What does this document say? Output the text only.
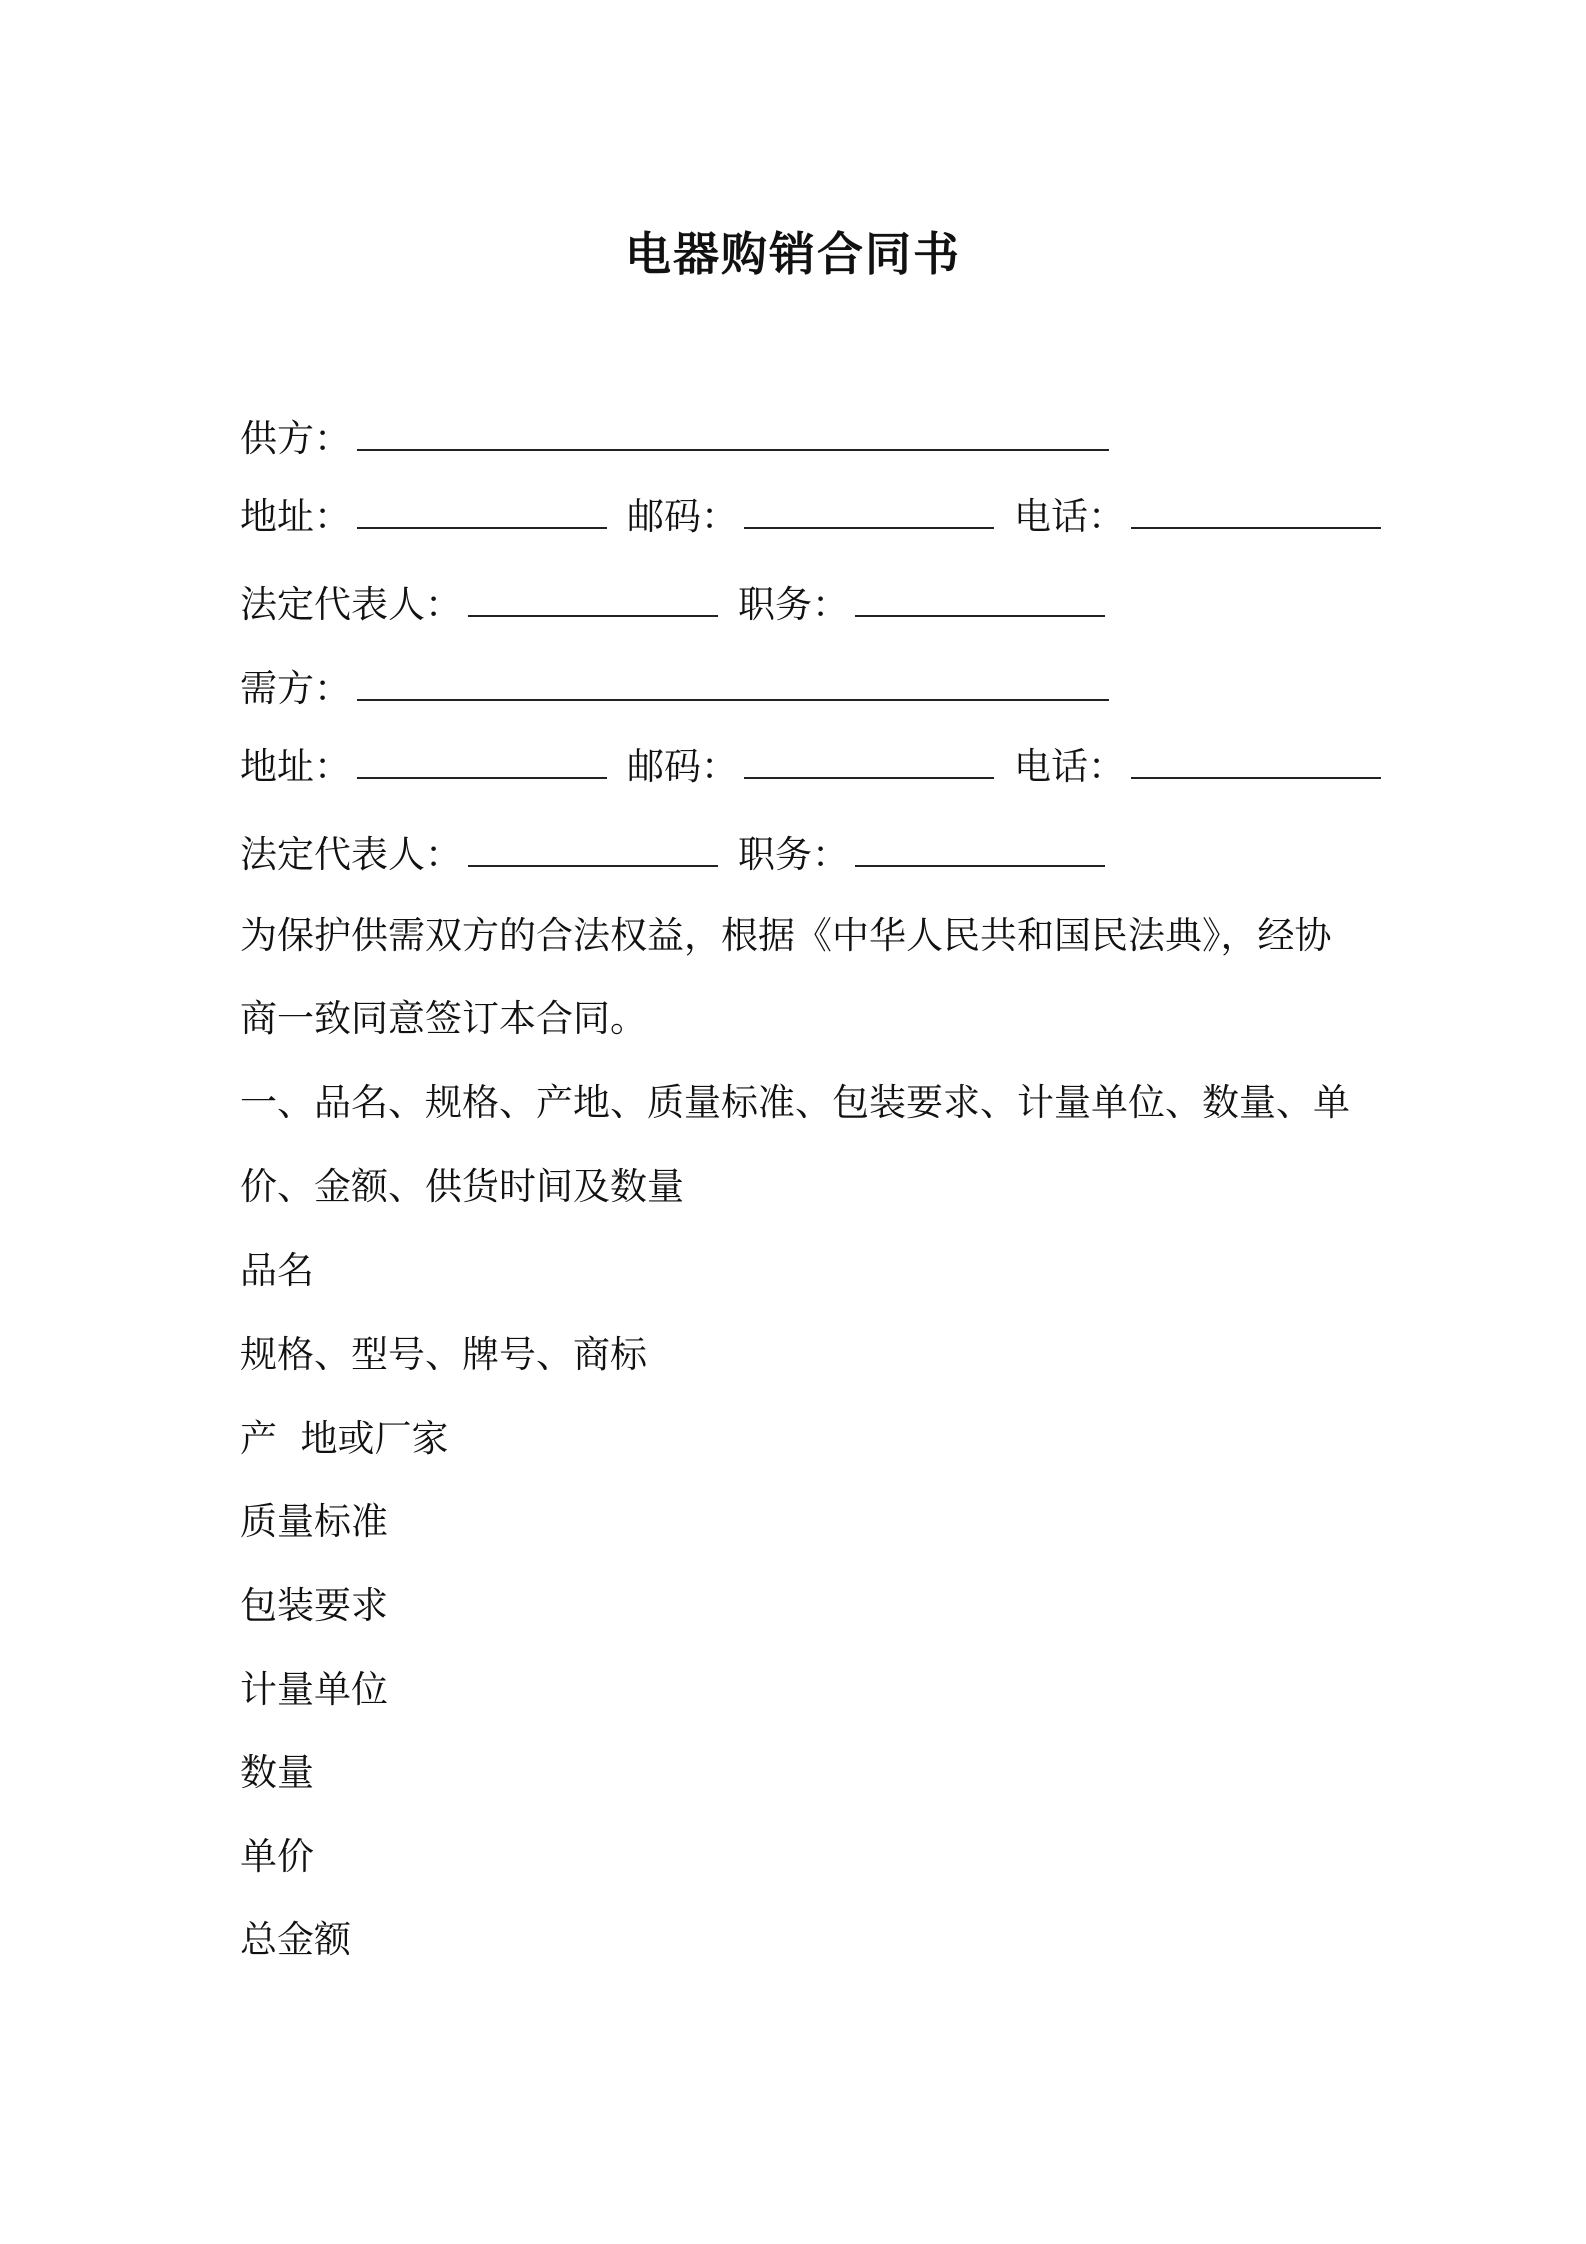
电器购销合同书
供方：
地址：	邮码：	电话：
法定代表人：	职务：
需方：
地址：	邮码：	电话：
法定代表人：	职务：
为保护供需双方的合法权益，根据《中华人民共和国民法典》，经协
商一致同意签订本合同。
一、品名、规格、产地、质量标准、包装要求、计量单位、数量、单
价、金额、供货时间及数量
品名
规格、型号、牌号、商标
产  地或厂家
质量标准
包装要求
计量单位
数量
单价
总金额
